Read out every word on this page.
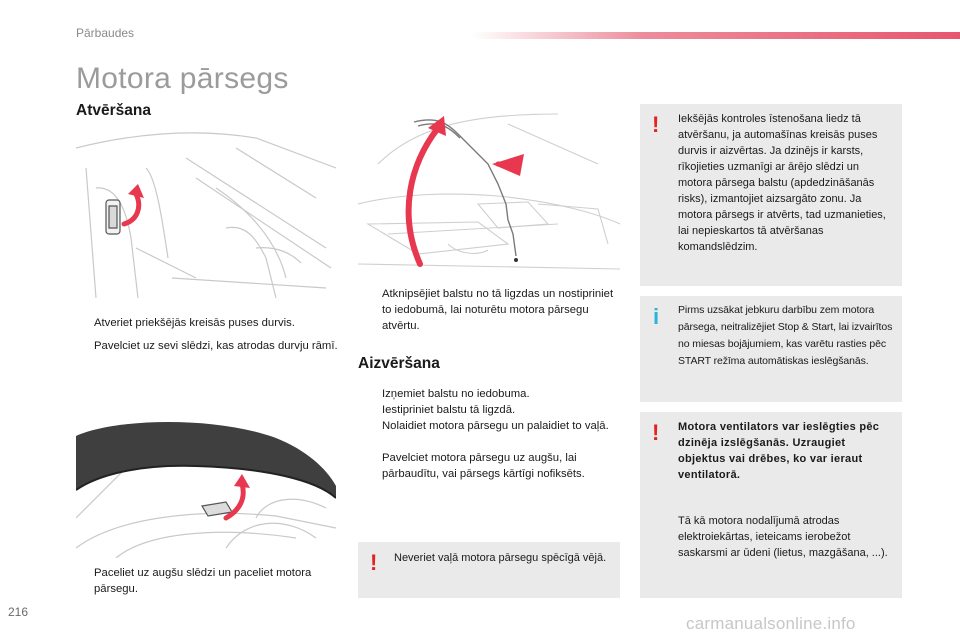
Pārbaudes
Motora pārsegs
Atvēršana
Atveriet priekšējās kreisās puses durvis.
Pavelciet uz sevi slēdzi, kas atrodas durvju rāmī.
Paceliet uz augšu slēdzi un paceliet motora pārsegu.
Atknipsējiet balstu no tā ligzdas un nostipriniet to iedobumā, lai noturētu motora pārsegu atvērtu.
Aizvēršana
Izņemiet balstu no iedobuma.
Iestipriniet balstu tā ligzdā.
Nolaidiet motora pārsegu un palaidiet to vaļā.
Pavelciet motora pārsegu uz augšu, lai pārbaudītu, vai pārsegs kārtīgi nofiksēts.
! Neveriet vaļā motora pārsegu spēcīgā vējā.
! Iekšējās kontroles īstenošana liedz tā atvēršanu, ja automašīnas kreisās puses durvis ir aizvērtas. Ja dzinējs ir karsts, rīkojieties uzmanīgi ar ārējo slēdzi un motora pārsega balstu (apdedzināšanās risks), izmantojiet aizsargāto zonu. Ja motora pārsegs ir atvērts, tad uzmanieties, lai nepieskartos tā atvēršanas komandslēdzim.
i Pirms uzsākat jebkuru darbību zem motora pārsega, neitralizējiet Stop & Start, lai izvairītos no miesas bojājumiem, kas varētu rasties pēc START režīma automātiskas ieslēgšanās.
! Motora ventilators var ieslēgties pēc dzinēja izslēgšanās. Uzraugiet objektus vai drēbes, ko var ieraut ventilatorā.
Tā kā motora nodalījumā atrodas elektroiekārtas, ieteicams ierobežot saskarsmi ar ūdeni (lietus, mazgāšana, ...).
216
carmanualsonline.info
